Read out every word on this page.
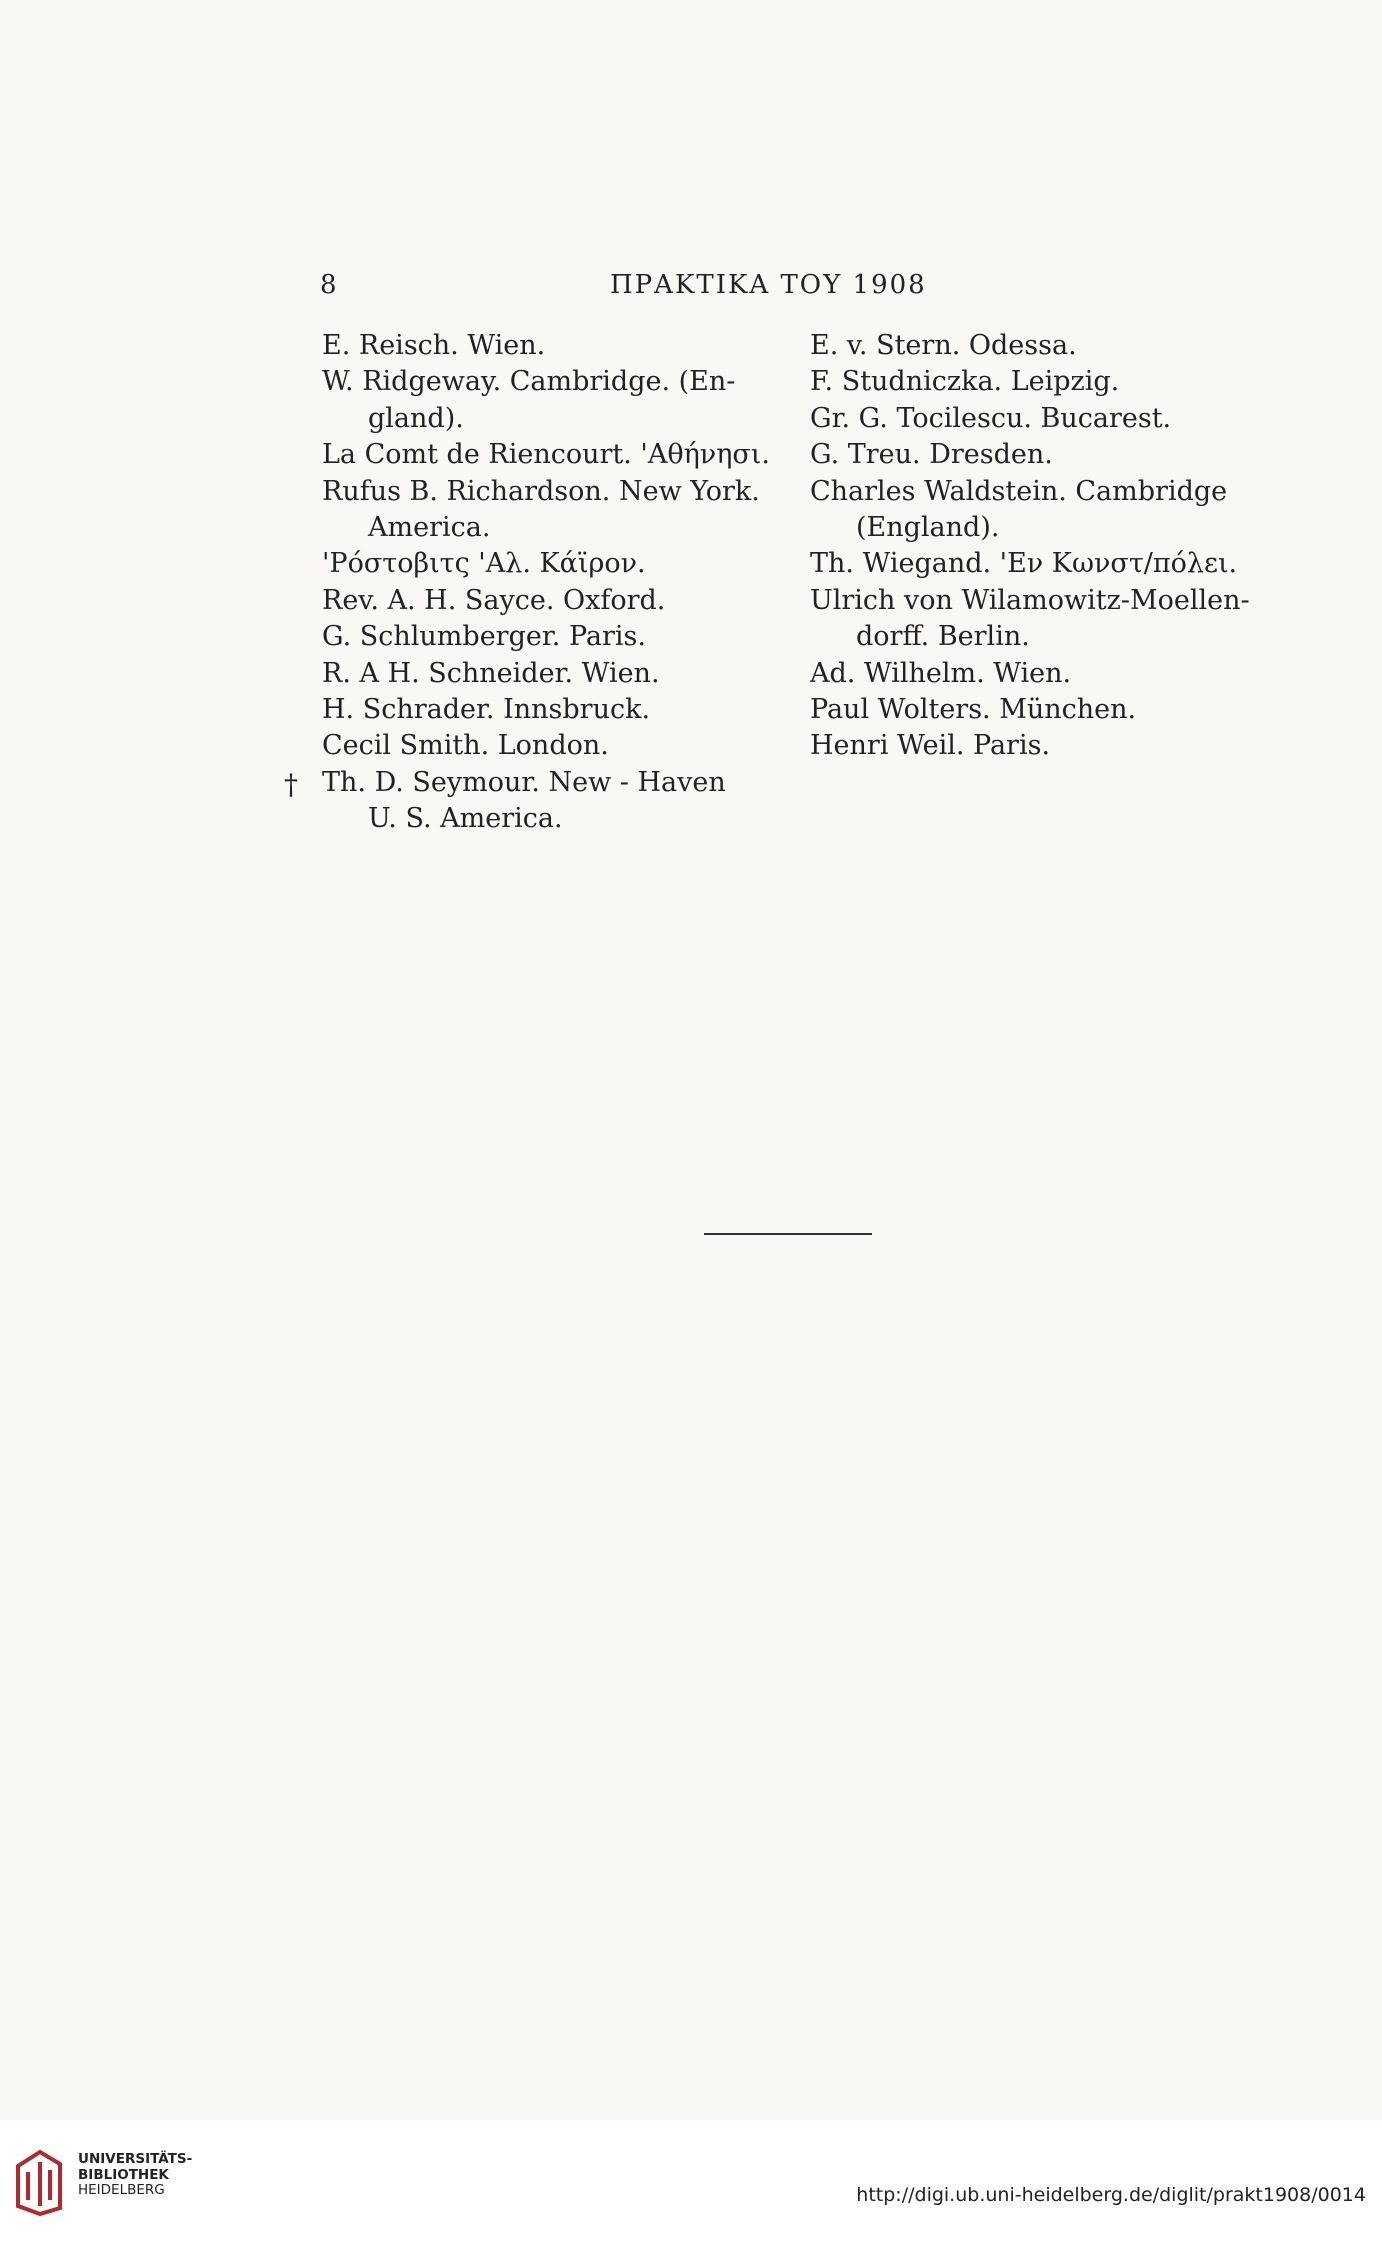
8	ΠΡΑΚΤΙΚΑ ΤΟΥ 1908
E. Reisch. Wien.
W. Ridgeway. Cambridge. (En-
gland).
La Comt de Riencourt. 'Αθήνησι.
Rufus B. Richardson. New York.
America.
'Ρόστοβιτς 'Αλ. Κάϊρον.
Rev. A. H. Sayce. Oxford.
G. Schlumberger. Paris.
R. A H. Schneider. Wien.
H. Schrader. Innsbruck.
Cecil Smith. London.
† Th. D. Seymour. New - Haven
U. S. America.
E. v. Stern. Odessa.
F. Studniczka. Leipzig.
Gr. G. Tocilescu. Bucarest.
G. Treu. Dresden.
Charles Waldstein. Cambridge
(England).
Th. Wiegand. 'Εν Κωνστ/πόλει.
Ulrich von Wilamowitz-Moellen-
dorff. Berlin.
Ad. Wilhelm. Wien.
Paul Wolters. München.
Henri Weil. Paris.
UNIVERSITÄTS-
BIBLIOTHEK
HEIDELBERG	http://digi.ub.uni-heidelberg.de/diglit/prakt1908/0014
